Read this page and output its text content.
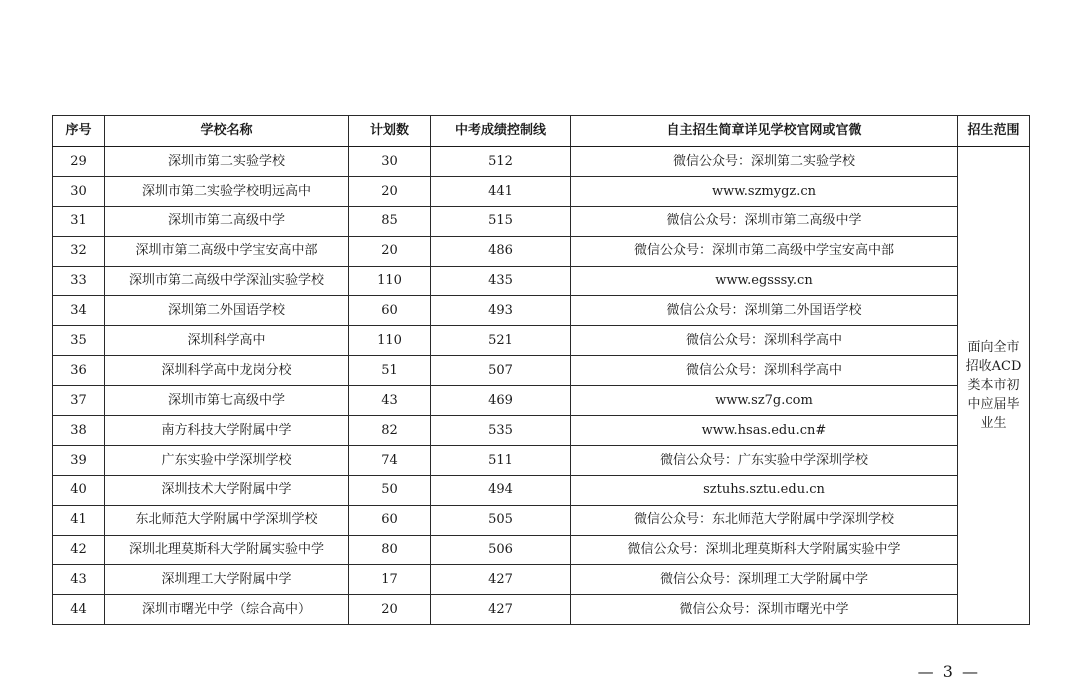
序号	学校名称	计划数	中考成绩控制线	自主招生简章详见学校官网或官微	招生范围
29	深圳市第二实验学校	30	512	微信公众号：深圳第二实验学校	面向全市招收ACD类本市初中应届毕业生
30	深圳市第二实验学校明远高中	20	441	www.szmygz.cn	
31	深圳市第二高级中学	85	515	微信公众号：深圳市第二高级中学	
32	深圳市第二高级中学宝安高中部	20	486	微信公众号：深圳市第二高级中学宝安高中部	
33	深圳市第二高级中学深汕实验学校	110	435	www.egsssy.cn	
34	深圳第二外国语学校	60	493	微信公众号：深圳第二外国语学校	
35	深圳科学高中	110	521	微信公众号：深圳科学高中	
36	深圳科学高中龙岗分校	51	507	微信公众号：深圳科学高中	
37	深圳市第七高级中学	43	469	www.sz7g.com	
38	南方科技大学附属中学	82	535	www.hsas.edu.cn#	
39	广东实验中学深圳学校	74	511	微信公众号：广东实验中学深圳学校	
40	深圳技术大学附属中学	50	494	sztuhs.sztu.edu.cn	
41	东北师范大学附属中学深圳学校	60	505	微信公众号：东北师范大学附属中学深圳学校	
42	深圳北理莫斯科大学附属实验中学	80	506	微信公众号：深圳北理莫斯科大学附属实验中学	
43	深圳理工大学附属中学	17	427	微信公众号：深圳理工大学附属中学	
44	深圳市曙光中学（综合高中）	20	427	微信公众号：深圳市曙光中学	
— 3 —
